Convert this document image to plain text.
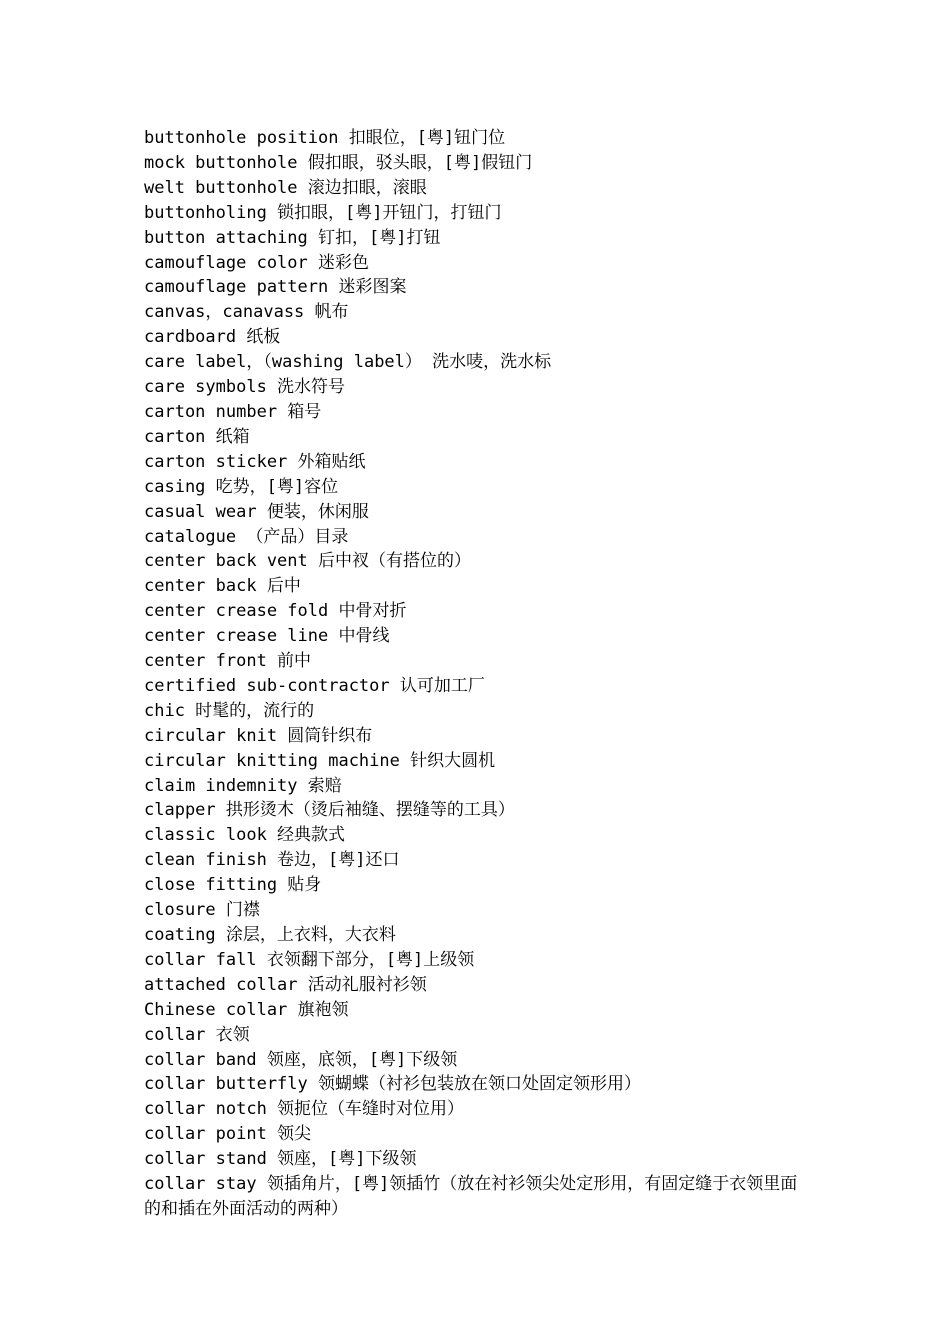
buttonhole position 扣眼位，[粤]钮门位
mock buttonhole 假扣眼，驳头眼，[粤]假钮门
welt buttonhole 滚边扣眼，滚眼
buttonholing 锁扣眼，[粤]开钮门，打钮门
button attaching 钉扣，[粤]打钮
camouflage color 迷彩色
camouflage pattern 迷彩图案
canvas，canavass 帆布
cardboard 纸板
care label，（washing label） 洗水唛，洗水标
care symbols 洗水符号
carton number 箱号
carton 纸箱
carton sticker 外箱贴纸
casing 吃势，[粤]容位
casual wear 便装，休闲服
catalogue （产品）目录
center back vent 后中衩（有搭位的）
center back 后中
center crease fold 中骨对折
center crease line 中骨线
center front 前中
certified sub-contractor 认可加工厂
chic 时髦的，流行的
circular knit 圆筒针织布
circular knitting machine 针织大圆机
claim indemnity 索赔
clapper 拱形烫木（烫后袖缝、摆缝等的工具）
classic look 经典款式
clean finish 卷边，[粤]还口
close fitting 贴身
closure 门襟
coating 涂层，上衣料，大衣料
collar fall 衣领翻下部分，[粤]上级领
attached collar 活动礼服衬衫领
Chinese collar 旗袍领
collar 衣领
collar band 领座，底领，[粤]下级领
collar butterfly 领蝴蝶（衬衫包装放在领口处固定领形用）
collar notch 领扼位（车缝时对位用）
collar point 领尖
collar stand 领座，[粤]下级领
collar stay 领插角片，[粤]领插竹（放在衬衫领尖处定形用，有固定缝于衣领里面的和插在外面活动的两种）
